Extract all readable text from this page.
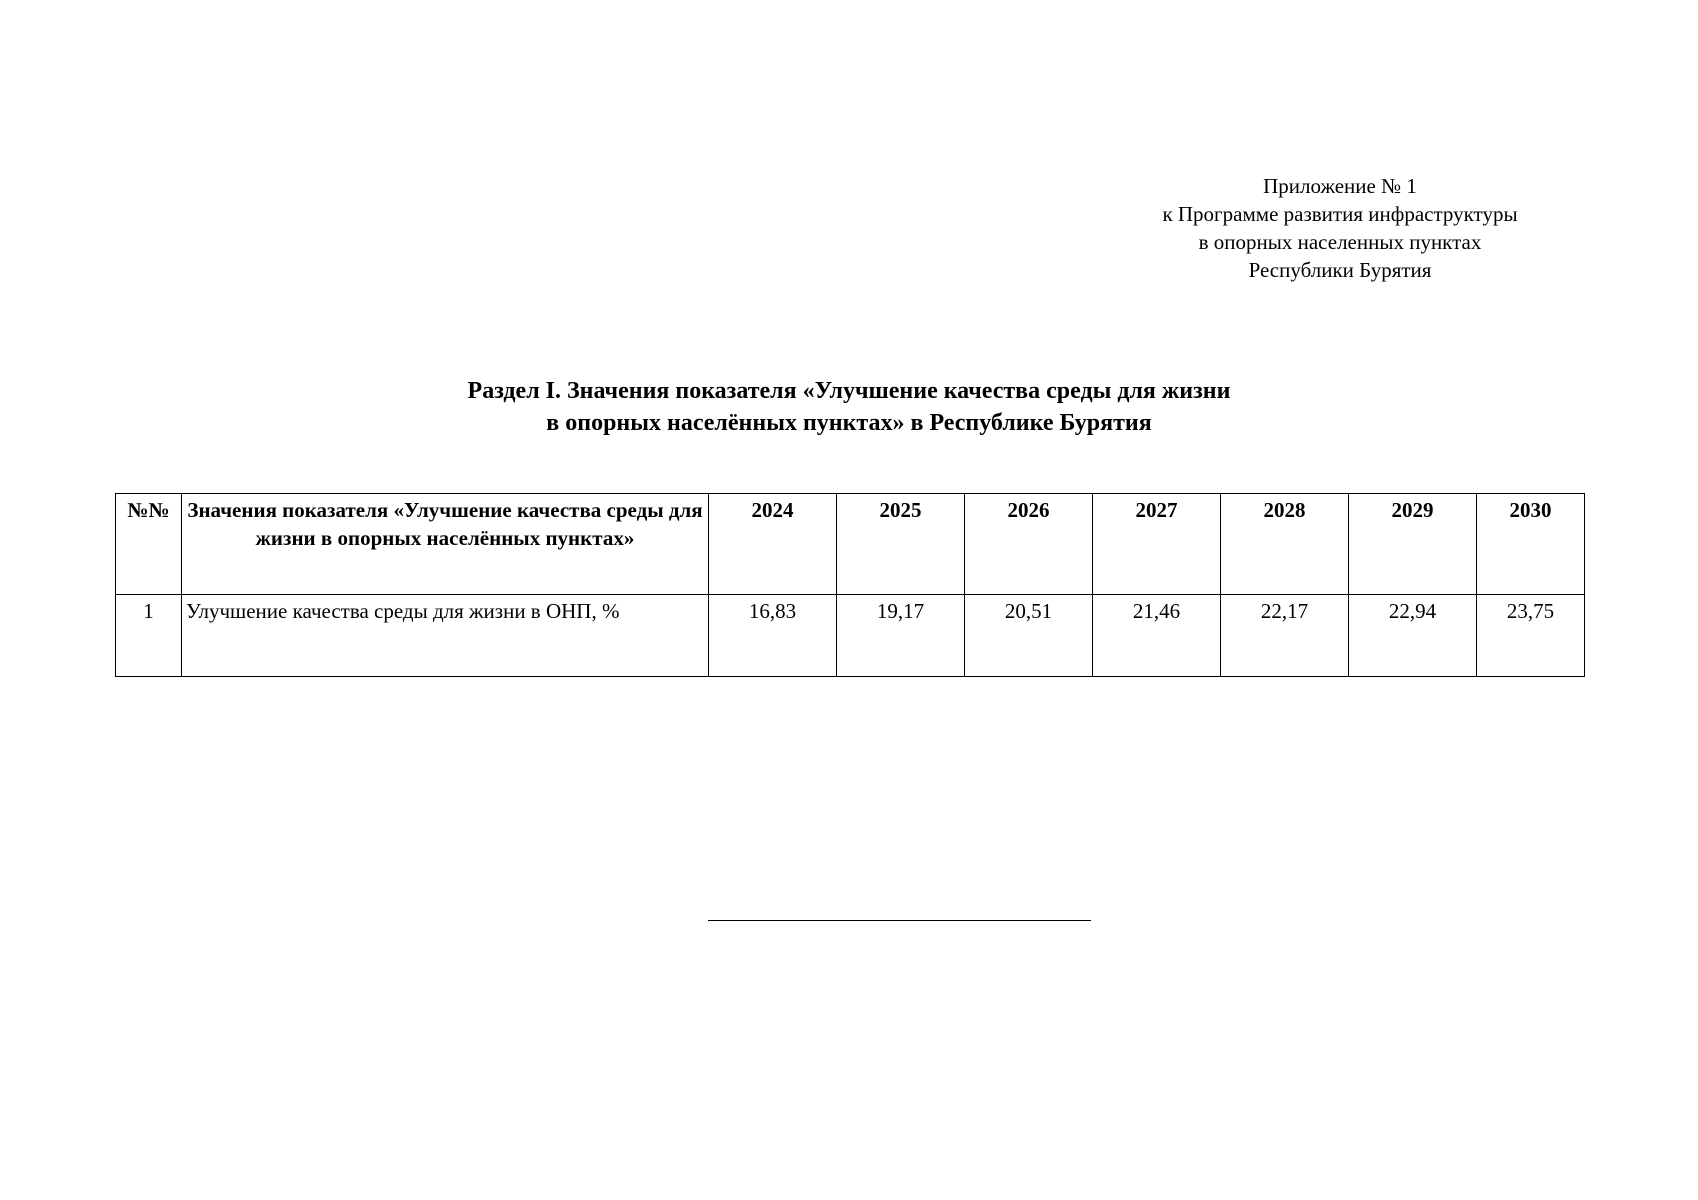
Приложение № 1
к Программе развития инфраструктуры
в опорных населенных пунктах
Республики Бурятия
Раздел I. Значения показателя «Улучшение качества среды для жизни
в опорных населённых пунктах» в Республике Бурятия
№№	Значения показателя «Улучшение качества среды для жизни в опорных населённых пунктах»	2024	2025	2026	2027	2028	2029	2030
1	Улучшение качества среды для жизни в ОНП, %	16,83	19,17	20,51	21,46	22,17	22,94	23,75
